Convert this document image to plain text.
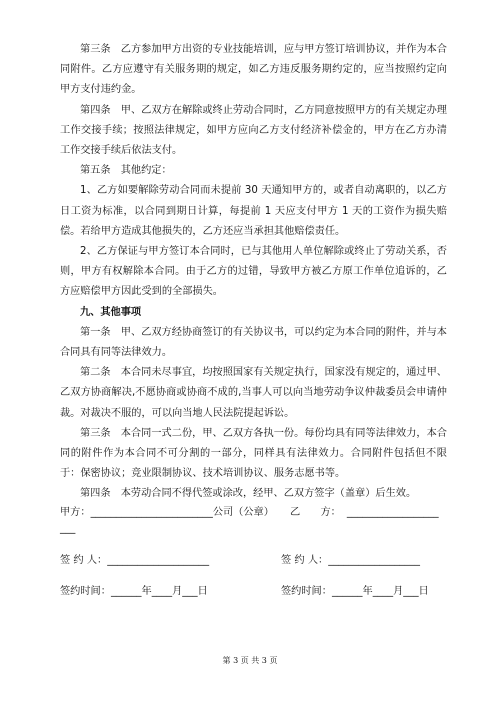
第三条　乙方参加甲方出资的专业技能培训，应与甲方签订培训协议，并作为本合同附件。乙方应遵守有关服务期的规定，如乙方违反服务期约定的，应当按照约定向甲方支付违约金。

第四条　甲、乙双方在解除或终止劳动合同时，乙方同意按照甲方的有关规定办理工作交接手续；按照法律规定，如甲方应向乙方支付经济补偿金的，甲方在乙方办清工作交接手续后依法支付。

第五条　其他约定：

1、乙方如要解除劳动合同而未提前 30 天通知甲方的，或者自动离职的，以乙方日工资为标准，以合同到期日计算，每提前 1 天应支付甲方 1 天的工资作为损失赔偿。若给甲方造成其他损失的，乙方还应当承担其他赔偿责任。

2、乙方保证与甲方签订本合同时，已与其他用人单位解除或终止了劳动关系，否则，甲方有权解除本合同。由于乙方的过错，导致甲方被乙方原工作单位追诉的，乙方应赔偿甲方因此受到的全部损失。

九、其他事项

第一条　甲、乙双方经协商签订的有关协议书，可以约定为本合同的附件，并与本合同具有同等法律效力。

第二条　本合同未尽事宜，均按照国家有关规定执行，国家没有规定的，通过甲、乙双方协商解决,不愿协商或协商不成的,当事人可以向当地劳动争议仲裁委员会申请仲裁。对裁决不服的，可以向当地人民法院提起诉讼。

第三条　本合同一式二份，甲、乙双方各执一份。每份均具有同等法律效力，本合同的附件作为本合同不可分割的一部分，同样具有法律效力。合同附件包括但不限于：保密协议；竞业限制协议、技术培训协议、服务志愿书等。

第四条　本劳动合同不得代签或涂改，经甲、乙双方签字（盖章）后生效。

甲方：________________________公司（公章） 乙　　方： __________________
___
签 约 人：____________________	签 约 人：__________________
签约时间：______年____月___日	签约时间：______年____月___日
第 3 页 共 3 页
